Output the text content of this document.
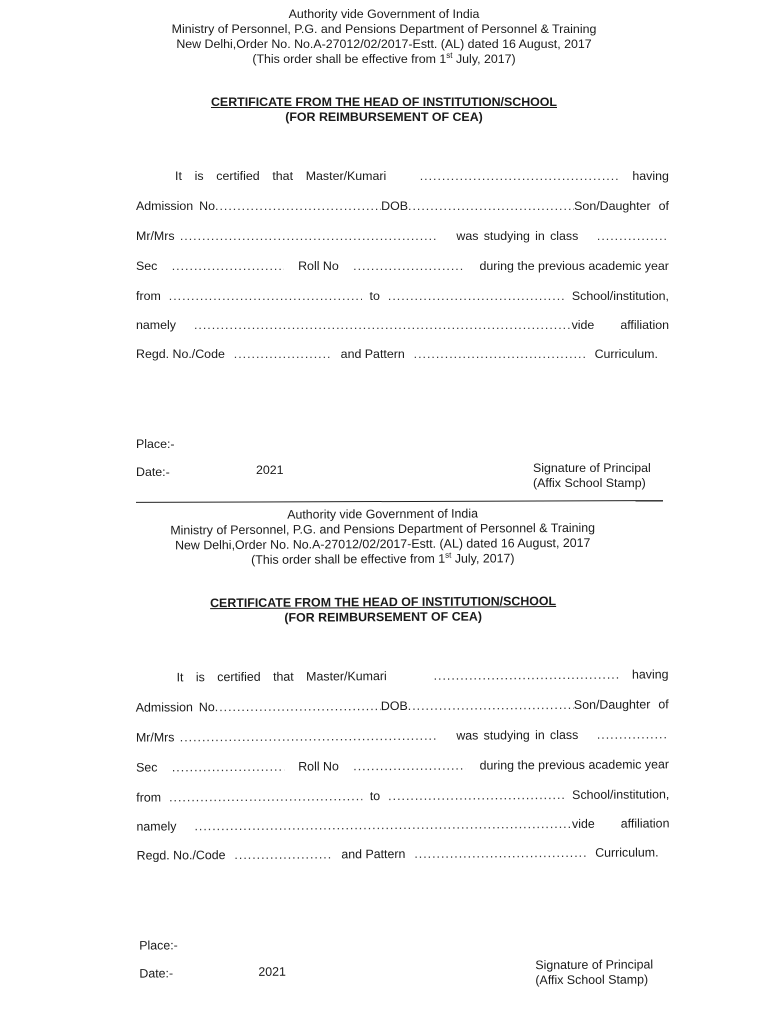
Authority vide Government of India
Ministry of Personnel, P.G. and Pensions Department of Personnel & Training
New Delhi,Order No. No.A-27012/02/2017-Estt. (AL) dated 16 August, 2017
(This order shall be effective from 1st July, 2017)
CERTIFICATE FROM THE HEAD OF INSTITUTION/SCHOOL
(FOR REIMBURSEMENT OF CEA)
It is certified that Master/Kumari .....	having
Admission No .....	DOB .....	Son/Daughter of
Mr/Mrs .....	was studying in class
.....
Sec .....	Roll No .....	during the previous academic year
from .....	to .....	School/institution,
namely .....	vide affiliation
Regd. No./Code .....	and Pattern .....	Curriculum.
Place:-
Date:-	2021	Signature of Principal
(Affix School Stamp)
Authority vide Government of India
Ministry of Personnel, P.G. and Pensions Department of Personnel & Training
New Delhi,Order No. No.A-27012/02/2017-Estt. (AL) dated 16 August, 2017
(This order shall be effective from 1st July, 2017)
CERTIFICATE FROM THE HEAD OF INSTITUTION/SCHOOL
(FOR REIMBURSEMENT OF CEA)
It is certified that Master/Kumari .....	having
Admission No .....	DOB .....	Son/Daughter of
Mr/Mrs .....	was studying in class
.....
Sec .....	Roll No .....	during the previous academic year
from .....	to .....	School/institution,
namely .....	vide affiliation
Regd. No./Code .....	and Pattern .....	Curriculum.
Place:-
Date:-	2021	Signature of Principal
(Affix School Stamp)
